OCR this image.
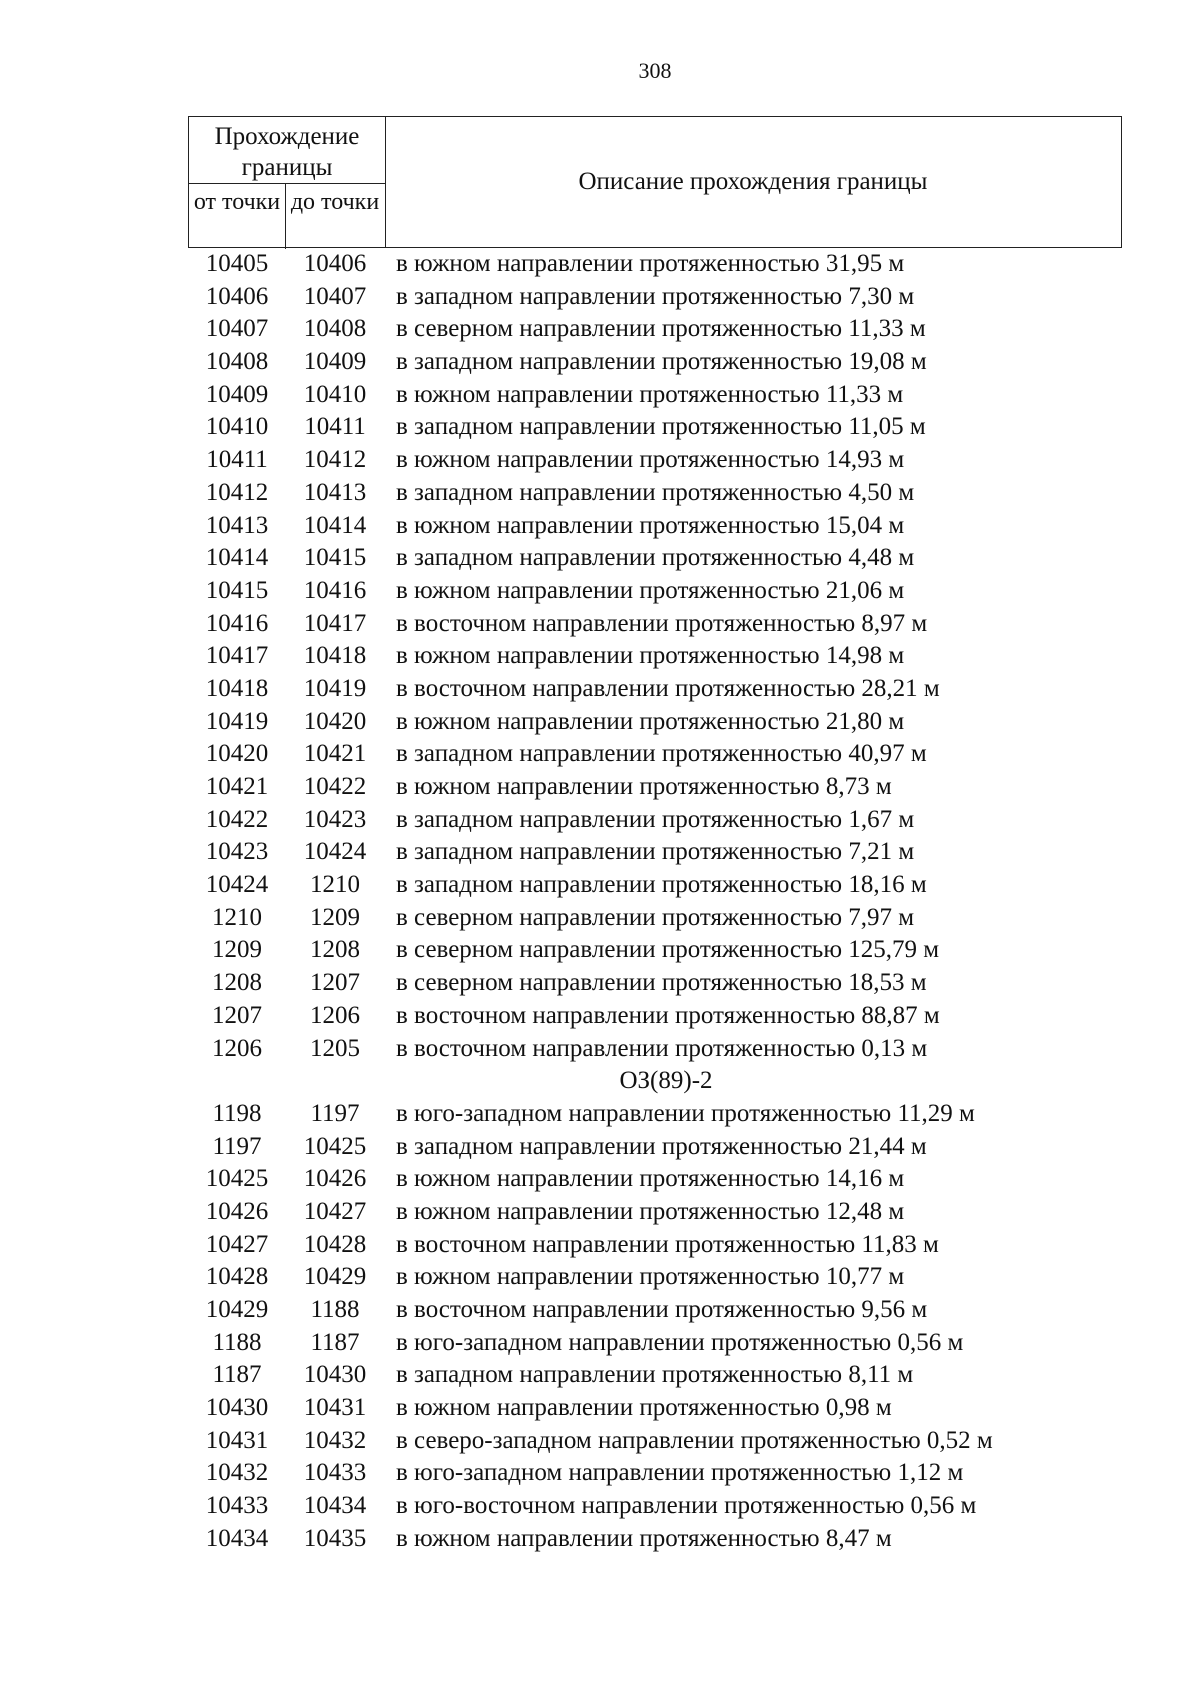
308
Прохождение границы
от точки до точки
Описание прохождения границы
10405	10406	в южном направлении протяженностью 31,95 м
10406	10407	в западном направлении протяженностью 7,30 м
10407	10408	в северном направлении протяженностью 11,33 м
10408	10409	в западном направлении протяженностью 19,08 м
10409	10410	в южном направлении протяженностью 11,33 м
10410	10411	в западном направлении протяженностью 11,05 м
10411	10412	в южном направлении протяженностью 14,93 м
10412	10413	в западном направлении протяженностью 4,50 м
10413	10414	в южном направлении протяженностью 15,04 м
10414	10415	в западном направлении протяженностью 4,48 м
10415	10416	в южном направлении протяженностью 21,06 м
10416	10417	в восточном направлении протяженностью 8,97 м
10417	10418	в южном направлении протяженностью 14,98 м
10418	10419	в восточном направлении протяженностью 28,21 м
10419	10420	в южном направлении протяженностью 21,80 м
10420	10421	в западном направлении протяженностью 40,97 м
10421	10422	в южном направлении протяженностью 8,73 м
10422	10423	в западном направлении протяженностью 1,67 м
10423	10424	в западном направлении протяженностью 7,21 м
10424	1210	в западном направлении протяженностью 18,16 м
1210	1209	в северном направлении протяженностью 7,97 м
1209	1208	в северном направлении протяженностью 125,79 м
1208	1207	в северном направлении протяженностью 18,53 м
1207	1206	в восточном направлении протяженностью 88,87 м
1206	1205	в восточном направлении протяженностью 0,13 м
ОЗ(89)-2
1198	1197	в юго-западном направлении протяженностью 11,29 м
1197	10425	в западном направлении протяженностью 21,44 м
10425	10426	в южном направлении протяженностью 14,16 м
10426	10427	в южном направлении протяженностью 12,48 м
10427	10428	в восточном направлении протяженностью 11,83 м
10428	10429	в южном направлении протяженностью 10,77 м
10429	1188	в восточном направлении протяженностью 9,56 м
1188	1187	в юго-западном направлении протяженностью 0,56 м
1187	10430	в западном направлении протяженностью 8,11 м
10430	10431	в южном направлении протяженностью 0,98 м
10431	10432	в северо-западном направлении протяженностью 0,52 м
10432	10433	в юго-западном направлении протяженностью 1,12 м
10433	10434	в юго-восточном направлении протяженностью 0,56 м
10434	10435	в южном направлении протяженностью 8,47 м
